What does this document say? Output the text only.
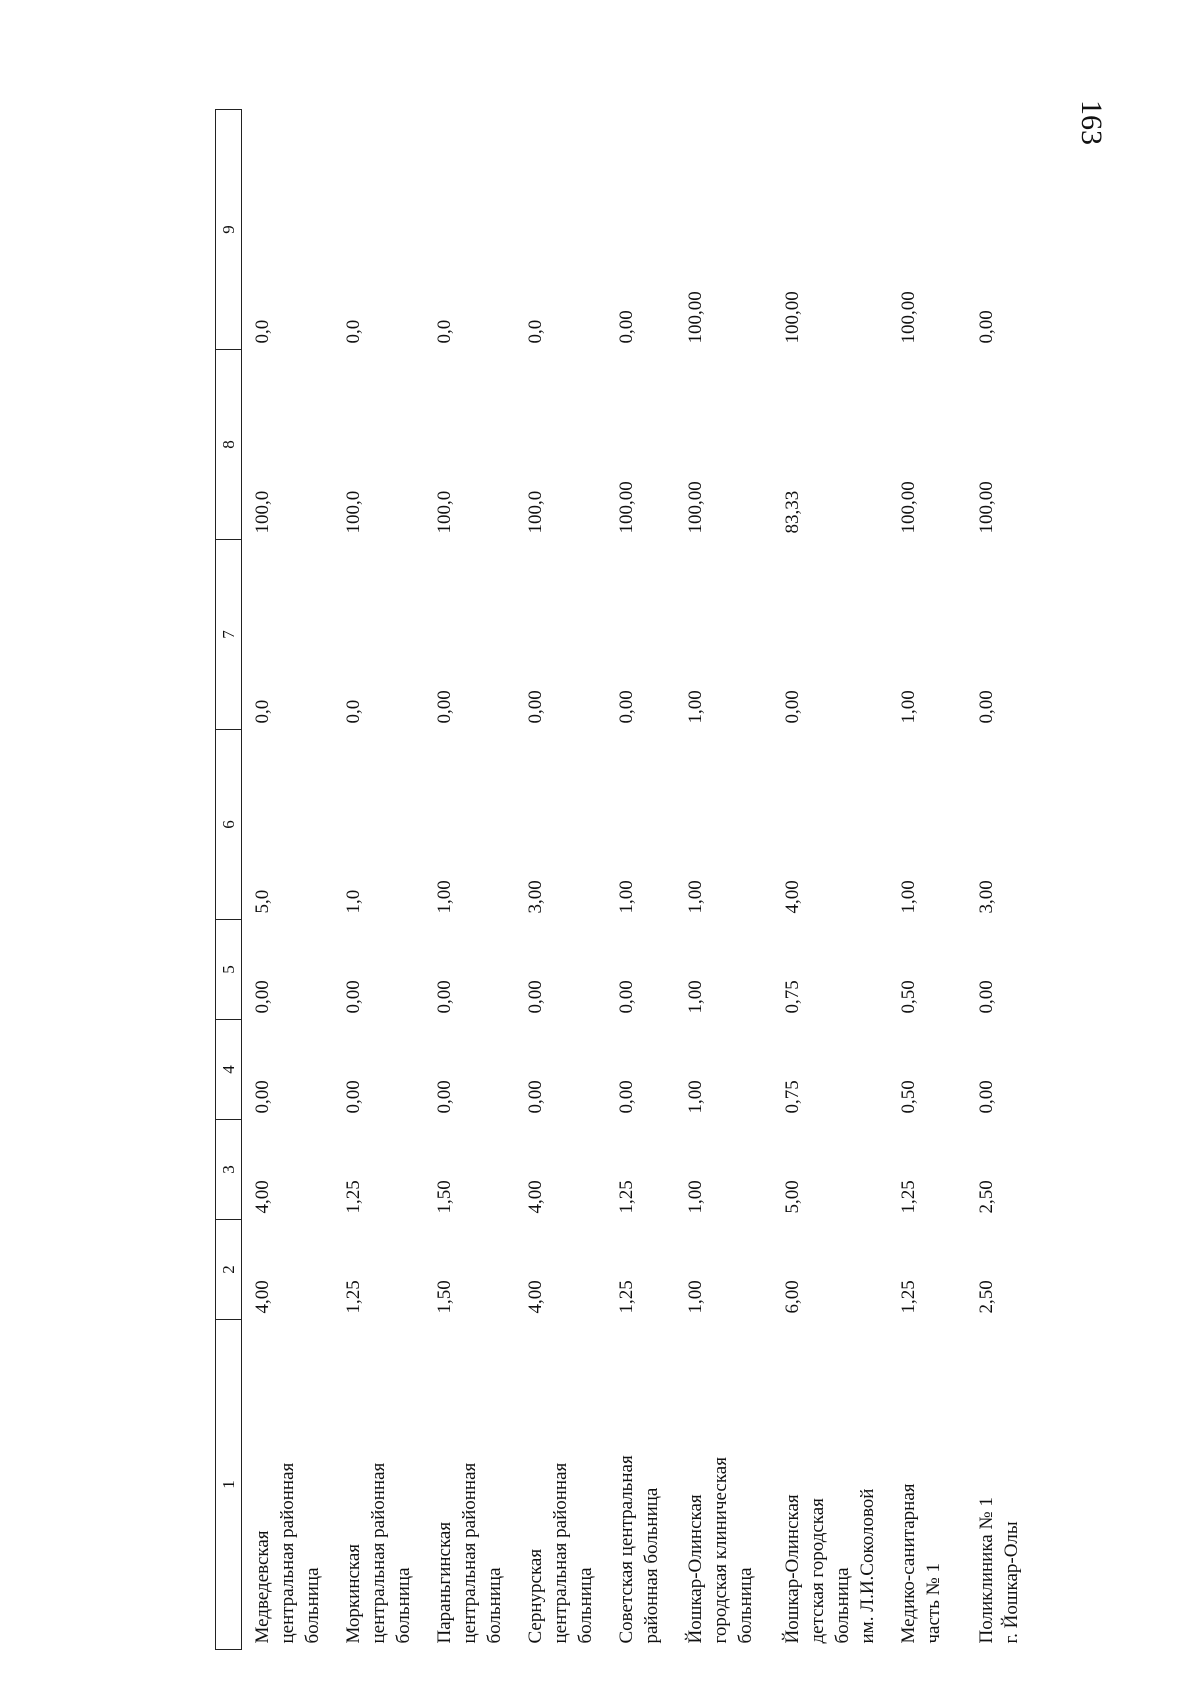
163
1	2	3	4	5	6	7	8	9

Медведевская центральная районная больница	4,00	4,00	0,00	0,00	5,0	0,0	100,0	0,0

Моркинская центральная районная больница	1,25	1,25	0,00	0,00	1,0	0,0	100,0	0,0

Параньгинская центральная районная больница	1,50	1,50	0,00	0,00	1,00	0,00	100,0	0,0

Сернурская центральная районная больница	4,00	4,00	0,00	0,00	3,00	0,00	100,0	0,0

Советская центральная районная больница	1,25	1,25	0,00	0,00	1,00	0,00	100,00	0,00

Йошкар-Олинская городская клиническая больница	1,00	1,00	1,00	1,00	1,00	1,00	100,00	100,00

Йошкар-Олинская детская городская больница им. Л.И.Соколовой	6,00	5,00	0,75	0,75	4,00	0,00	83,33	100,00

Медико-санитарная часть № 1	1,25	1,25	0,50	0,50	1,00	1,00	100,00	100,00

Поликлиника № 1 г. Йошкар-Олы	2,50	2,50	0,00	0,00	3,00	0,00	100,00	0,00
